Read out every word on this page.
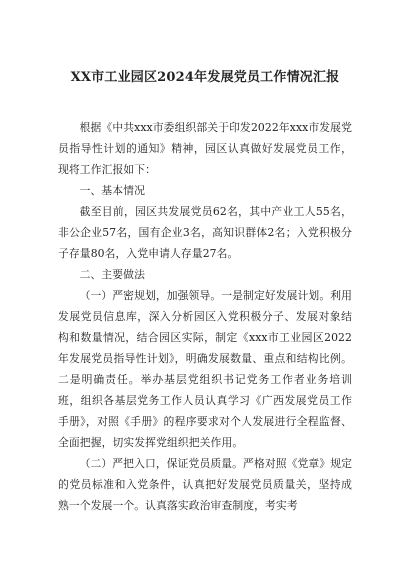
XX市工业园区2024年发展党员工作情况汇报

根据《中共xxx市委组织部关于印发2022年xxx市发展党员指导性计划的通知》精神，园区认真做好发展党员工作，现将工作汇报如下：

一、基本情况

截至目前，园区共发展党员62名，其中产业工人55名，非公企业57名，国有企业3名，高知识群体2名；入党积极分子存量80名，入党申请人存量27名。

二、主要做法

（一）严密规划，加强领导。一是制定好发展计划。利用发展党员信息库，深入分析园区入党积极分子、发展对象结构和数量情况，结合园区实际，制定《xxx市工业园区2022年发展党员指导性计划》，明确发展数量、重点和结构比例。二是明确责任。举办基层党组织书记党务工作者业务培训班，组织各基层党务工作人员认真学习《广西发展党员工作手册》，对照《手册》的程序要求对个人发展进行全程监督、全面把握，切实发挥党组织把关作用。

（二）严把入口，保证党员质量。严格对照《党章》规定的党员标准和入党条件，认真把好发展党员质量关，坚持成熟一个发展一个。认真落实政治审查制度，考实考
